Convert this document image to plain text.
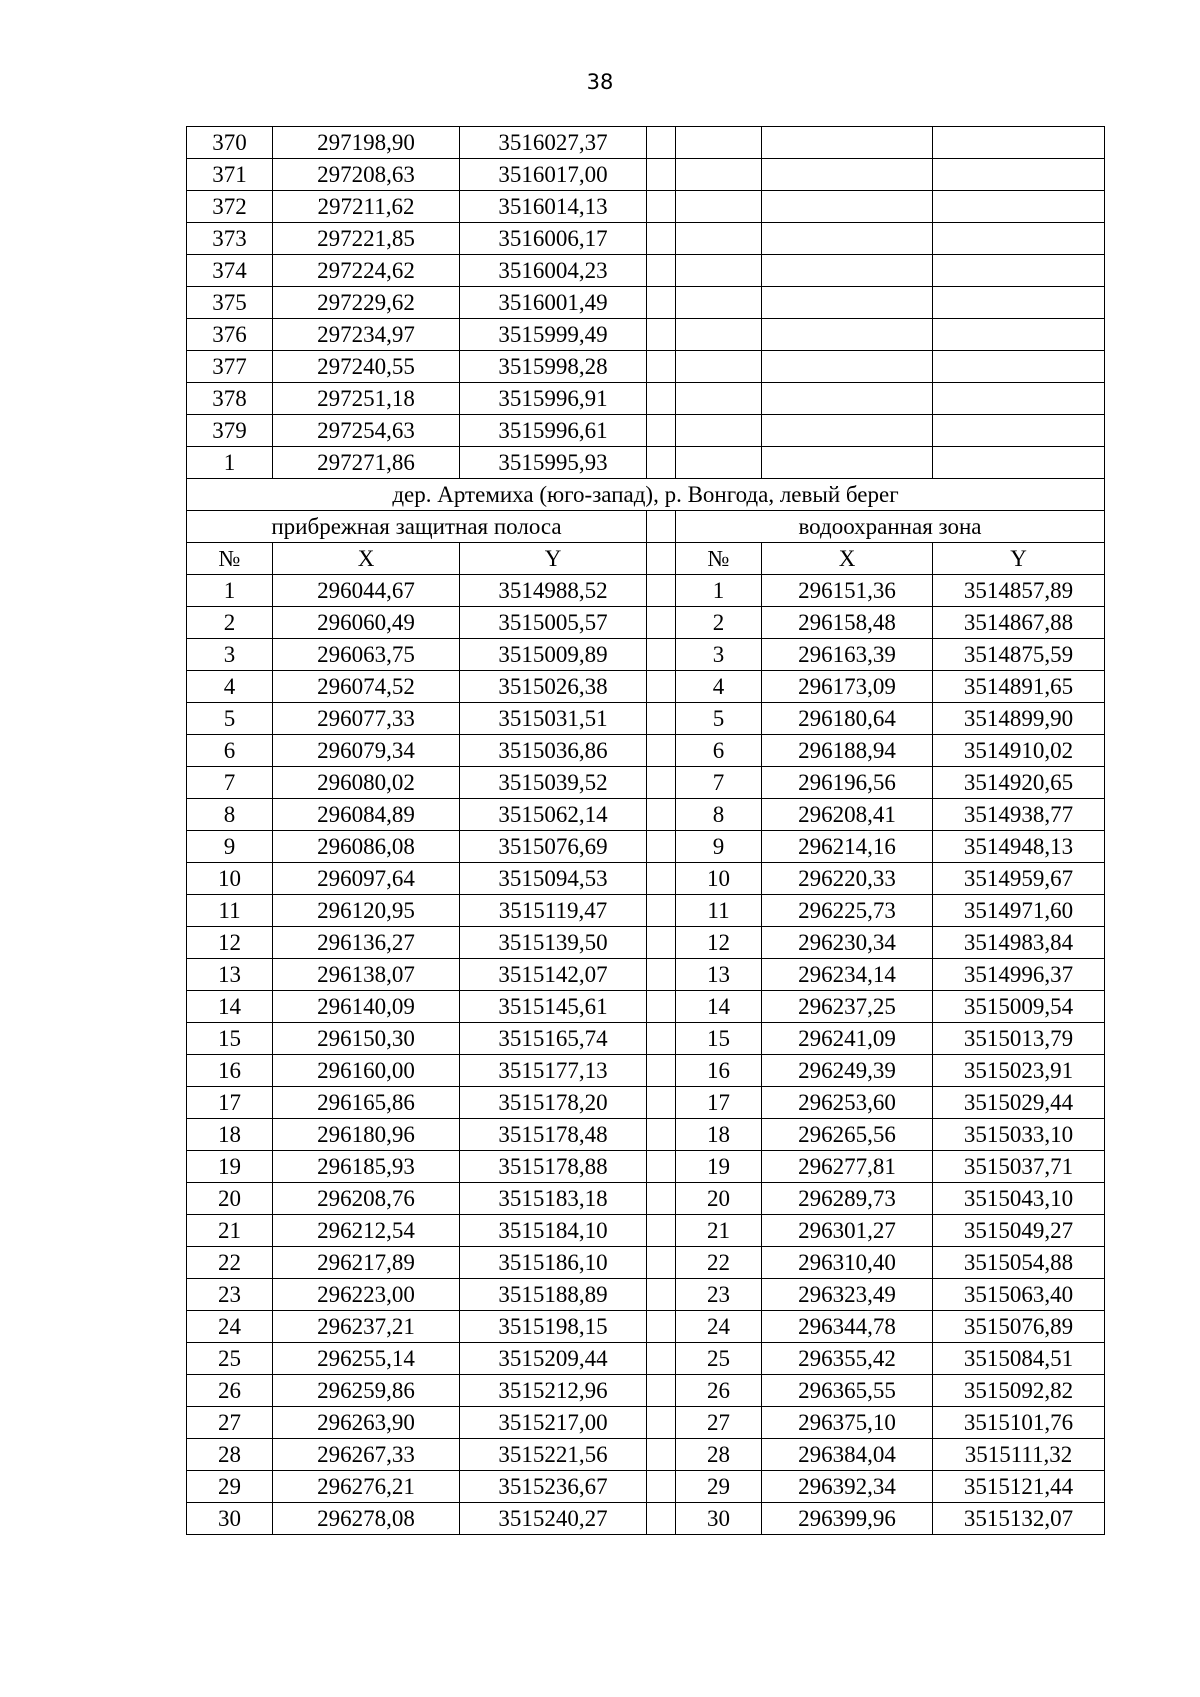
38
370	297198,90	3516027,37				
371	297208,63	3516017,00				
372	297211,62	3516014,13				
373	297221,85	3516006,17				
374	297224,62	3516004,23				
375	297229,62	3516001,49				
376	297234,97	3515999,49				
377	297240,55	3515998,28				
378	297251,18	3515996,91				
379	297254,63	3515996,61				
1	297271,86	3515995,93				
дер. Артемиха (юго-запад), р. Вонгода, левый берег						
прибрежная защитная полоса				водоохранная зона		
№	X	Y		№	X	Y
1	296044,67	3514988,52		1	296151,36	3514857,89
2	296060,49	3515005,57		2	296158,48	3514867,88
3	296063,75	3515009,89		3	296163,39	3514875,59
4	296074,52	3515026,38		4	296173,09	3514891,65
5	296077,33	3515031,51		5	296180,64	3514899,90
6	296079,34	3515036,86		6	296188,94	3514910,02
7	296080,02	3515039,52		7	296196,56	3514920,65
8	296084,89	3515062,14		8	296208,41	3514938,77
9	296086,08	3515076,69		9	296214,16	3514948,13
10	296097,64	3515094,53		10	296220,33	3514959,67
11	296120,95	3515119,47		11	296225,73	3514971,60
12	296136,27	3515139,50		12	296230,34	3514983,84
13	296138,07	3515142,07		13	296234,14	3514996,37
14	296140,09	3515145,61		14	296237,25	3515009,54
15	296150,30	3515165,74		15	296241,09	3515013,79
16	296160,00	3515177,13		16	296249,39	3515023,91
17	296165,86	3515178,20		17	296253,60	3515029,44
18	296180,96	3515178,48		18	296265,56	3515033,10
19	296185,93	3515178,88		19	296277,81	3515037,71
20	296208,76	3515183,18		20	296289,73	3515043,10
21	296212,54	3515184,10		21	296301,27	3515049,27
22	296217,89	3515186,10		22	296310,40	3515054,88
23	296223,00	3515188,89		23	296323,49	3515063,40
24	296237,21	3515198,15		24	296344,78	3515076,89
25	296255,14	3515209,44		25	296355,42	3515084,51
26	296259,86	3515212,96		26	296365,55	3515092,82
27	296263,90	3515217,00		27	296375,10	3515101,76
28	296267,33	3515221,56		28	296384,04	3515111,32
29	296276,21	3515236,67		29	296392,34	3515121,44
30	296278,08	3515240,27		30	296399,96	3515132,07
